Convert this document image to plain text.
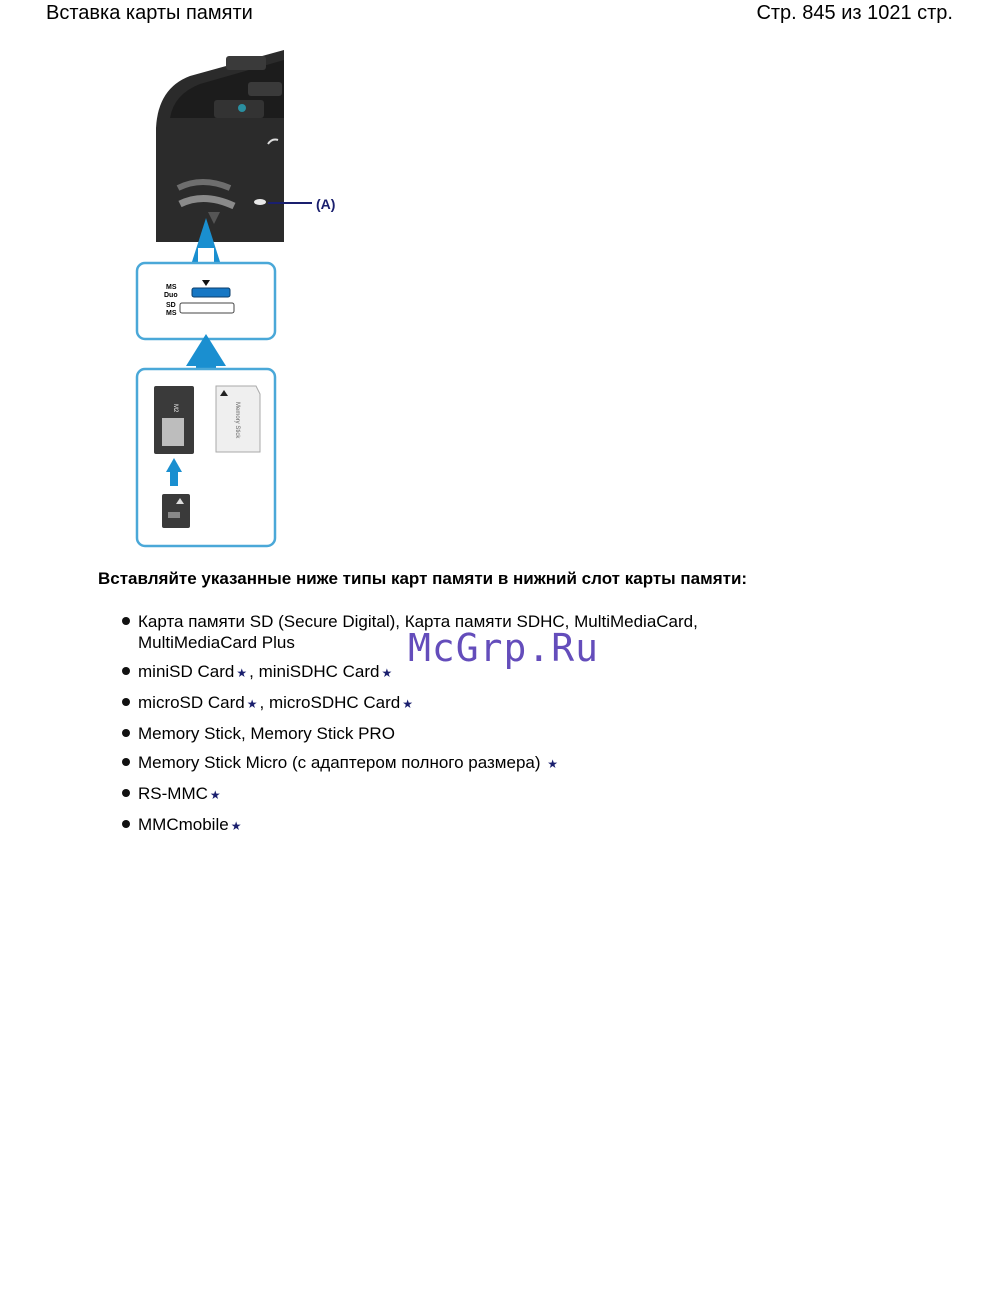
Вставка карты памяти	Стр. 845 из 1021 стр.
(A)
MS
Duo
SD
MS
M2	Memory Stick
Вставляйте указанные ниже типы карт памяти в нижний слот карты памяти:
Карта памяти SD (Secure Digital), Карта памяти SDHC, MultiMediaCard, MultiMediaCard Plus
miniSD Card ★ , miniSDHC Card ★
microSD Card ★ , microSDHC Card ★
Memory Stick, Memory Stick PRO
Memory Stick Micro (с адаптером полного размера) ★
RS-MMC ★
MMCmobile ★
McGrp.Ru
